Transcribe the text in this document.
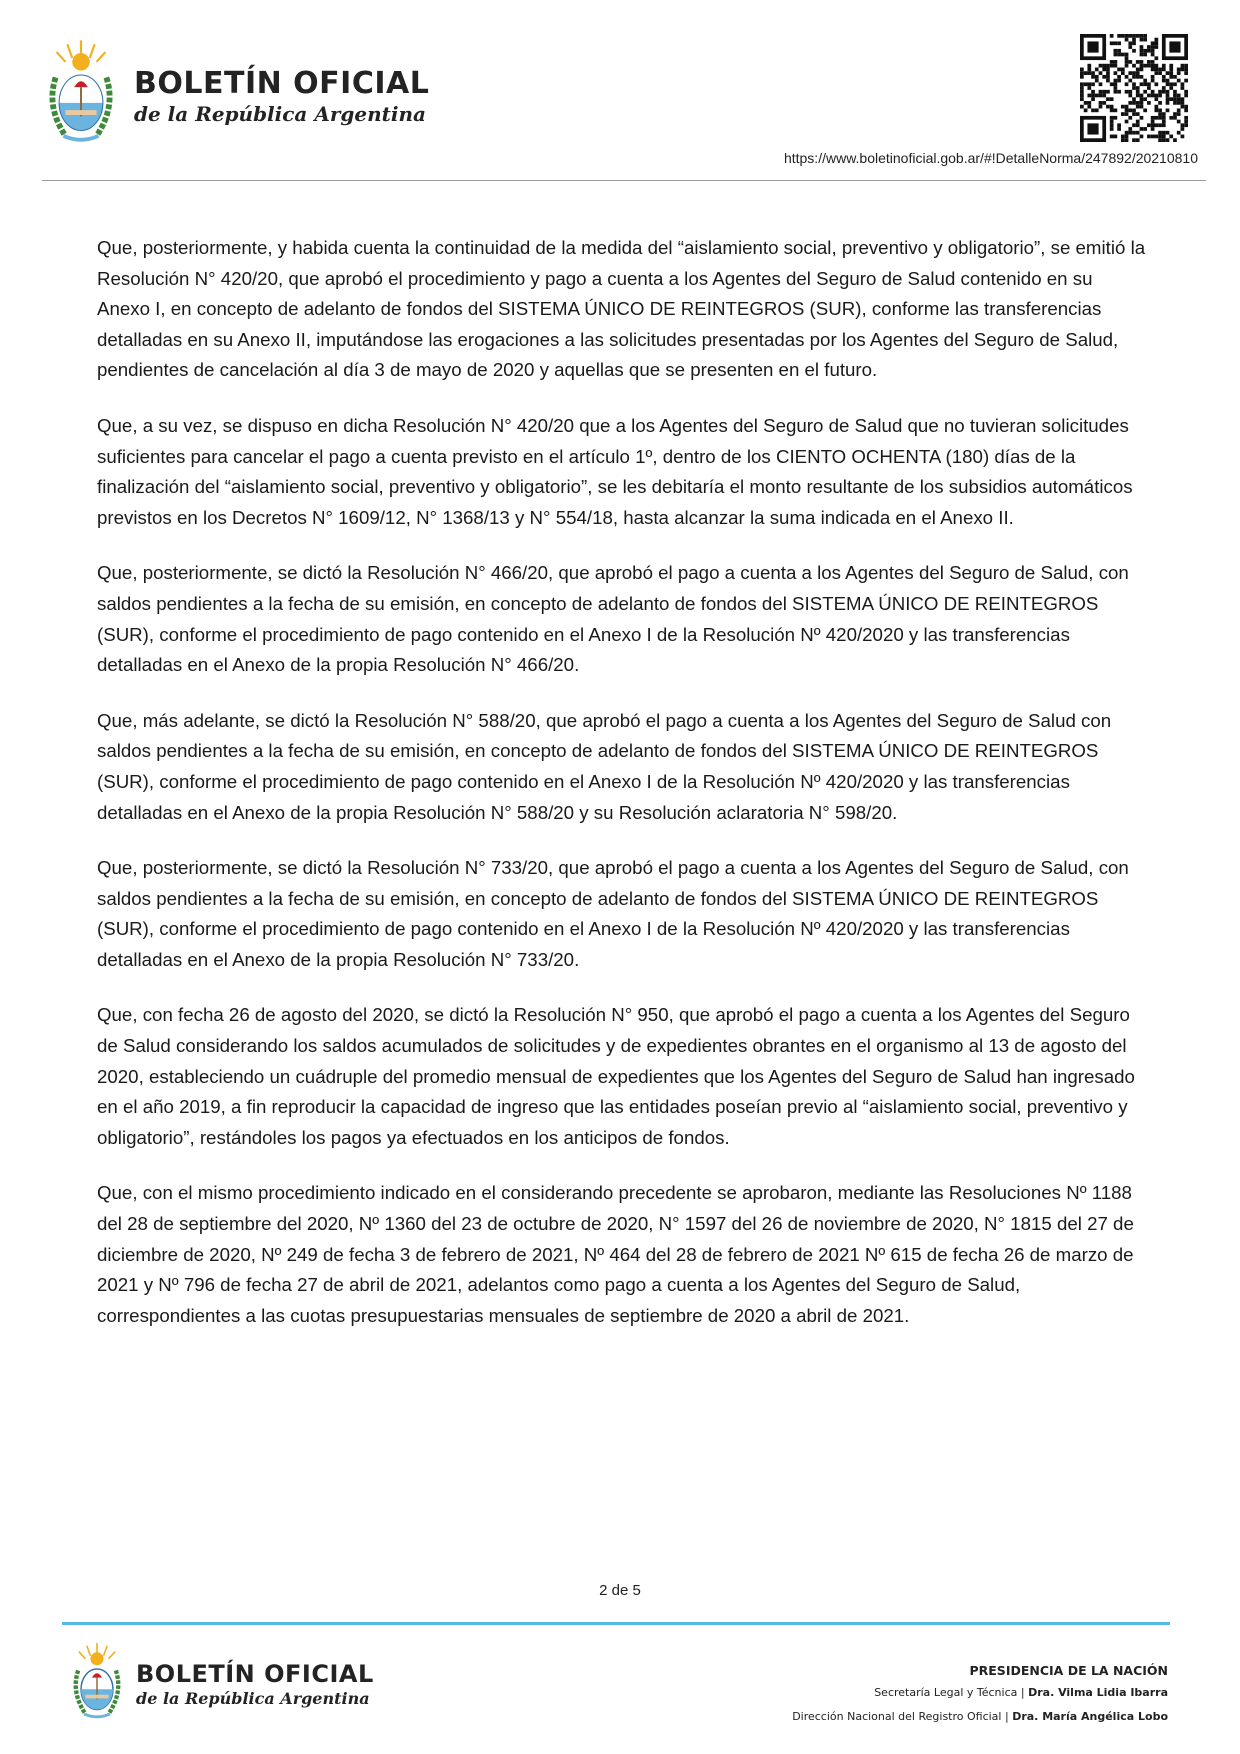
BOLETÍN OFICIAL
de la República Argentina
https://www.boletinoficial.gob.ar/#!DetalleNorma/247892/20210810

Que, posteriormente, y habida cuenta la continuidad de la medida del “aislamiento social, preventivo y obligatorio”, se emitió la Resolución N° 420/20, que aprobó el procedimiento y pago a cuenta a los Agentes del Seguro de Salud contenido en su Anexo I, en concepto de adelanto de fondos del SISTEMA ÚNICO DE REINTEGROS (SUR), conforme las transferencias detalladas en su Anexo II, imputándose las erogaciones a las solicitudes presentadas por los Agentes del Seguro de Salud, pendientes de cancelación al día 3 de mayo de 2020 y aquellas que se presenten en el futuro.

Que, a su vez, se dispuso en dicha Resolución N° 420/20 que a los Agentes del Seguro de Salud que no tuvieran solicitudes suficientes para cancelar el pago a cuenta previsto en el artículo 1º, dentro de los CIENTO OCHENTA (180) días de la finalización del “aislamiento social, preventivo y obligatorio”, se les debitaría el monto resultante de los subsidios automáticos previstos en los Decretos N° 1609/12, N° 1368/13 y N° 554/18, hasta alcanzar la suma indicada en el Anexo II.

Que, posteriormente, se dictó la Resolución N° 466/20, que aprobó el pago a cuenta a los Agentes del Seguro de Salud, con saldos pendientes a la fecha de su emisión, en concepto de adelanto de fondos del SISTEMA ÚNICO DE REINTEGROS (SUR), conforme el procedimiento de pago contenido en el Anexo I de la Resolución Nº 420/2020 y las transferencias detalladas en el Anexo de la propia Resolución N° 466/20.

Que, más adelante, se dictó la Resolución N° 588/20, que aprobó el pago a cuenta a los Agentes del Seguro de Salud con saldos pendientes a la fecha de su emisión, en concepto de adelanto de fondos del SISTEMA ÚNICO DE REINTEGROS (SUR), conforme el procedimiento de pago contenido en el Anexo I de la Resolución Nº 420/2020 y las transferencias detalladas en el Anexo de la propia Resolución N° 588/20 y su Resolución aclaratoria N° 598/20.

Que, posteriormente, se dictó la Resolución N° 733/20, que aprobó el pago a cuenta a los Agentes del Seguro de Salud, con saldos pendientes a la fecha de su emisión, en concepto de adelanto de fondos del SISTEMA ÚNICO DE REINTEGROS (SUR), conforme el procedimiento de pago contenido en el Anexo I de la Resolución Nº 420/2020 y las transferencias detalladas en el Anexo de la propia Resolución N° 733/20.

Que, con fecha 26 de agosto del 2020, se dictó la Resolución N° 950, que aprobó el pago a cuenta a los Agentes del Seguro de Salud considerando los saldos acumulados de solicitudes y de expedientes obrantes en el organismo al 13 de agosto del 2020, estableciendo un cuádruple del promedio mensual de expedientes que los Agentes del Seguro de Salud han ingresado en el año 2019, a fin reproducir la capacidad de ingreso que las entidades poseían previo al “aislamiento social, preventivo y obligatorio”, restándoles los pagos ya efectuados en los anticipos de fondos.

Que, con el mismo procedimiento indicado en el considerando precedente se aprobaron, mediante las Resoluciones Nº 1188 del 28 de septiembre del 2020, Nº 1360 del 23 de octubre de 2020, N° 1597 del 26 de noviembre de 2020, N° 1815 del 27 de diciembre de 2020, Nº 249 de fecha 3 de febrero de 2021, Nº 464 del 28 de febrero de 2021 Nº 615 de fecha 26 de marzo de 2021 y Nº 796 de fecha 27 de abril de 2021, adelantos como pago a cuenta a los Agentes del Seguro de Salud, correspondientes a las cuotas presupuestarias mensuales de septiembre de 2020 a abril de 2021.

2 de 5
BOLETÍN OFICIAL
de la República Argentina
PRESIDENCIA DE LA NACIÓN
Secretaría Legal y Técnica | Dra. Vilma Lidia Ibarra
Dirección Nacional del Registro Oficial | Dra. María Angélica Lobo
